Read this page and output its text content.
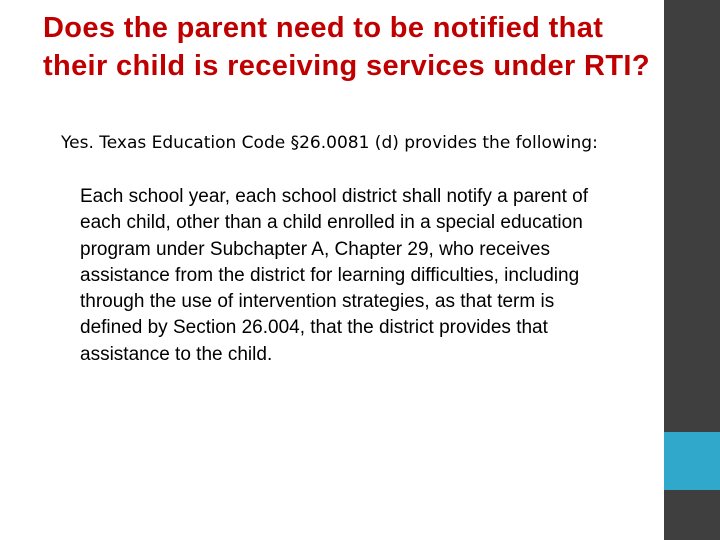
Does the parent need to be notified that their child is receiving services under RTI?

Yes. Texas Education Code §26.0081 (d) provides the following:

Each school year, each school district shall notify a parent of each child, other than a child enrolled in a special education program under Subchapter A, Chapter 29, who receives assistance from the district for learning difficulties, including through the use of intervention strategies, as that term is defined by Section 26.004, that the district provides that assistance to the child.
